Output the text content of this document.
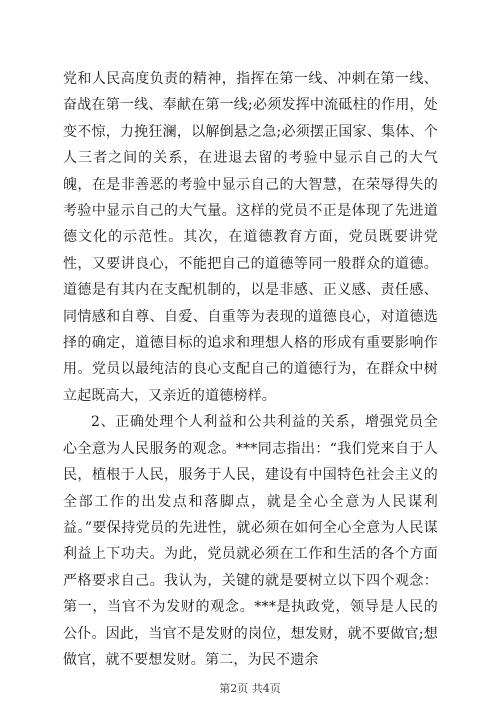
党和人民高度负责的精神，指挥在第一线、冲刺在第一线、奋战在第一线、奉献在第一线;必须发挥中流砥柱的作用，处变不惊，力挽狂澜，以解倒悬之急;必须摆正国家、集体、个人三者之间的关系，在进退去留的考验中显示自己的大气魄，在是非善恶的考验中显示自己的大智慧，在荣辱得失的考验中显示自己的大气量。这样的党员不正是体现了先进道德文化的示范性。其次，在道德教育方面，党员既要讲党性，又要讲良心，不能把自己的道德等同一般群众的道德。道德是有其内在支配机制的，以是非感、正义感、责任感、同情感和自尊、自爱、自重等为表现的道德良心，对道德选择的确定，道德目标的追求和理想人格的形成有重要影响作用。党员以最纯洁的良心支配自己的道德行为，在群众中树立起既高大，又亲近的道德榜样。

2、正确处理个人利益和公共利益的关系，增强党员全心全意为人民服务的观念。***同志指出：“我们党来自于人民，植根于人民，服务于人民，建设有中国特色社会主义的全部工作的出发点和落脚点，就是全心全意为人民谋利益。”要保持党员的先进性，就必须在如何全心全意为人民谋利益上下功夫。为此，党员就必须在工作和生活的各个方面严格要求自己。我认为，关键的就是要树立以下四个观念：第一，当官不为发财的观念。***是执政党，领导是人民的公仆。因此，当官不是发财的岗位，想发财，就不要做官;想做官，就不要想发财。第二，为民不遗余

第2页 共4页
